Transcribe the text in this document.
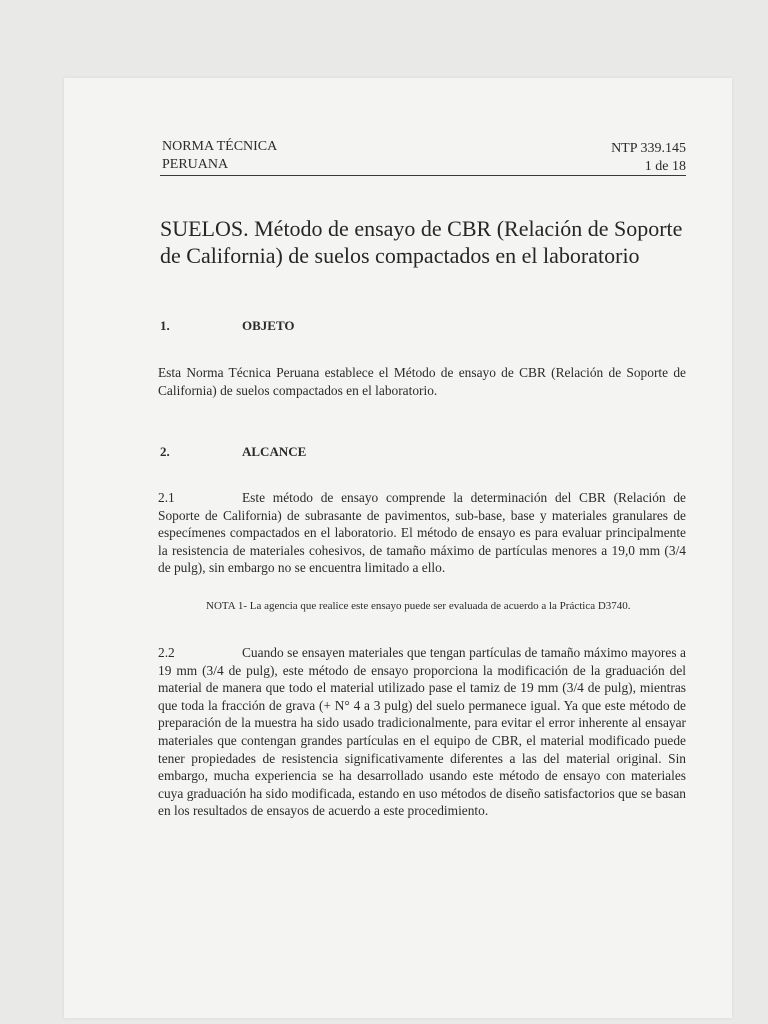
NORMA TÉCNICA
PERUANA
NTP 339.145
1 de 18
SUELOS. Método de ensayo de CBR (Relación de Soporte de California) de suelos compactados en el laboratorio
1.	OBJETO
Esta Norma Técnica Peruana establece el Método de ensayo de CBR (Relación de Soporte de California) de suelos compactados en el laboratorio.
2.	ALCANCE
2.1	Este método de ensayo comprende la determinación del CBR (Relación de Soporte de California) de subrasante de pavimentos, sub-base, base y materiales granulares de especímenes compactados en el laboratorio. El método de ensayo es para evaluar principalmente la resistencia de materiales cohesivos, de tamaño máximo de partículas menores a 19,0 mm (3/4 de pulg), sin embargo no se encuentra limitado a ello.
NOTA 1- La agencia que realice este ensayo puede ser evaluada de acuerdo a la Práctica D3740.
2.2	Cuando se ensayen materiales que tengan partículas de tamaño máximo mayores a 19 mm (3/4 de pulg), este método de ensayo proporciona la modificación de la graduación del material de manera que todo el material utilizado pase el tamiz de 19 mm (3/4 de pulg), mientras que toda la fracción de grava (+ N° 4 a 3 pulg) del suelo permanece igual. Ya que este método de preparación de la muestra ha sido usado tradicionalmente, para evitar el error inherente al ensayar materiales que contengan grandes partículas en el equipo de CBR, el material modificado puede tener propiedades de resistencia significativamente diferentes a las del material original. Sin embargo, mucha experiencia se ha desarrollado usando este método de ensayo con materiales cuya graduación ha sido modificada, estando en uso métodos de diseño satisfactorios que se basan en los resultados de ensayos de acuerdo a este procedimiento.
